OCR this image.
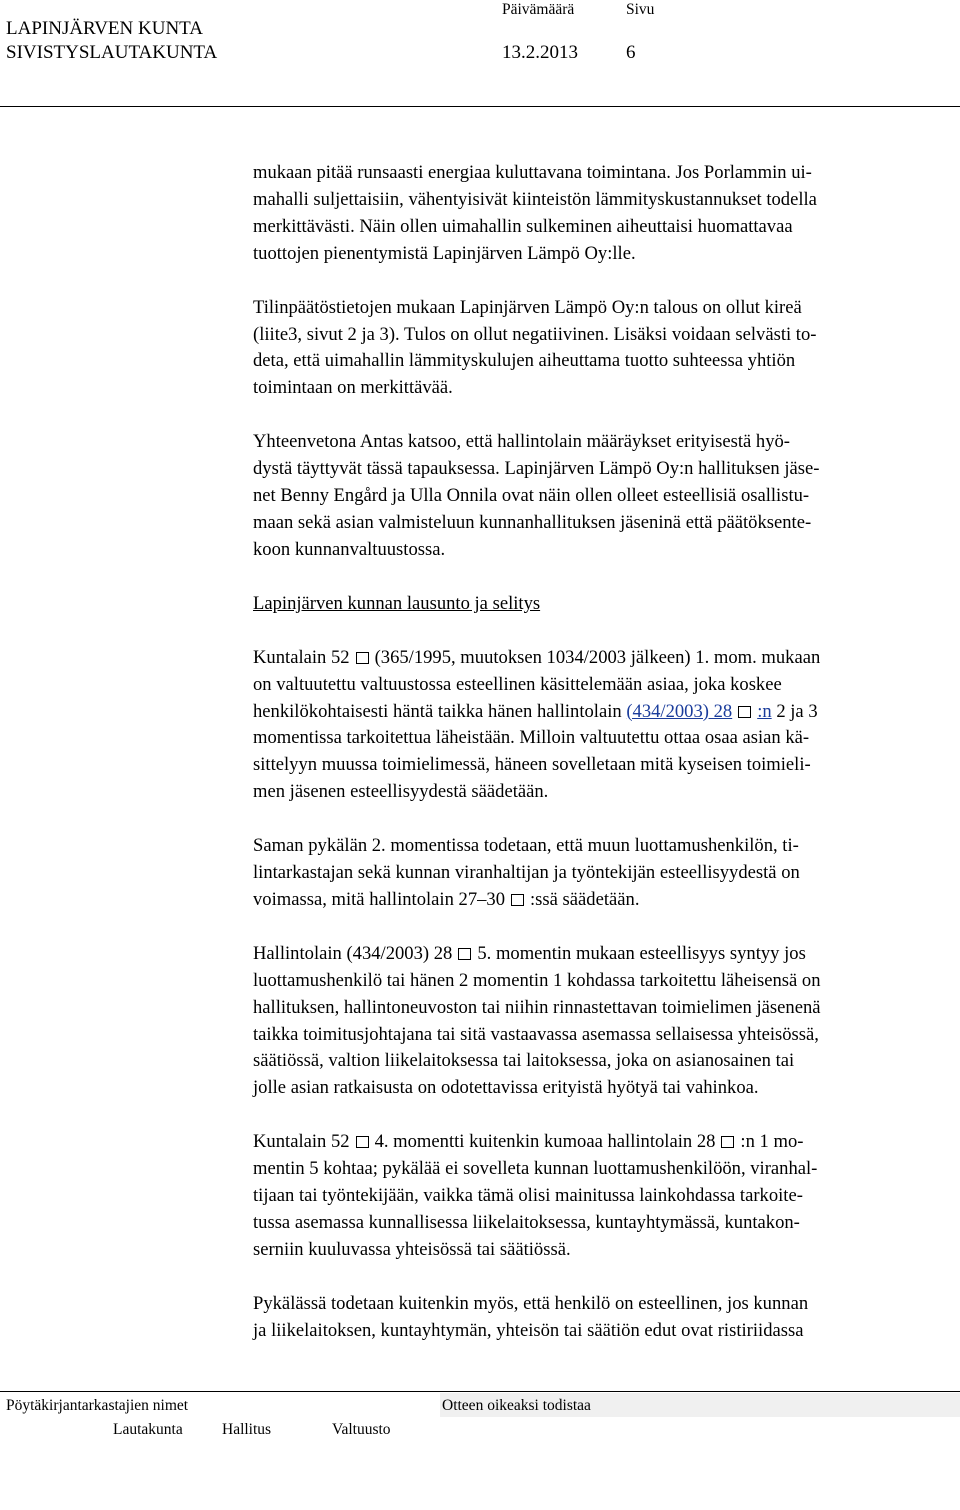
LAPINJÄRVEN KUNTA
SIVISTYSLAUTAKUNTA
Päivämäärä	Sivu
13.2.2013	6
mukaan pitää runsaasti energiaa kuluttavana toimintana. Jos Porlammin ui-
mahalli suljettaisiin, vähentyisivät kiinteistön lämmityskustannukset todella
merkittävästi. Näin ollen uimahallin sulkeminen aiheuttaisi huomattavaa
tuottojen pienentymistä Lapinjärven Lämpö Oy:lle.
Tilinpäätöstietojen mukaan Lapinjärven Lämpö Oy:n talous on ollut kireä
(liite3, sivut 2 ja 3). Tulos on ollut negatiivinen. Lisäksi voidaan selvästi to-
deta, että uimahallin lämmityskulujen aiheuttama tuotto suhteessa yhtiön
toimintaan on merkittävää.
Yhteenvetona Antas katsoo, että hallintolain määräykset erityisestä hyö-
dystä täyttyvät tässä tapauksessa. Lapinjärven Lämpö Oy:n hallituksen jäse-
net Benny Engård ja Ulla Onnila ovat näin ollen olleet esteellisiä osallistu-
maan sekä asian valmisteluun kunnanhallituksen jäseninä että päätöksente-
koon kunnanvaltuustossa.
Lapinjärven kunnan lausunto ja selitys
Kuntalain 52 (365/1995, muutoksen 1034/2003 jälkeen) 1. mom. mukaan
on valtuutettu valtuustossa esteellinen käsittelemään asiaa, joka koskee
henkilökohtaisesti häntä taikka hänen hallintolain (434/2003) 28 :n 2 ja 3
momentissa tarkoitettua läheistään. Milloin valtuutettu ottaa osaa asian kä-
sittelyyn muussa toimielimessä, häneen sovelletaan mitä kyseisen toimieli-
men jäsenen esteellisyydestä säädetään.
Saman pykälän 2. momentissa todetaan, että muun luottamushenkilön, ti-
lintarkastajan sekä kunnan viranhaltijan ja työntekijän esteellisyydestä on
voimassa, mitä hallintolain 27–30 :ssä säädetään.
Hallintolain (434/2003) 28 5. momentin mukaan esteellisyys syntyy jos
luottamushenkilö tai hänen 2 momentin 1 kohdassa tarkoitettu läheisensä on
hallituksen, hallintoneuvoston tai niihin rinnastettavan toimielimen jäsenenä
taikka toimitusjohtajana tai sitä vastaavassa asemassa sellaisessa yhteisössä,
säätiössä, valtion liikelaitoksessa tai laitoksessa, joka on asianosainen tai
jolle asian ratkaisusta on odotettavissa erityistä hyötyä tai vahinkoa.
Kuntalain 52 4. momentti kuitenkin kumoaa hallintolain 28 :n 1 mo-
mentin 5 kohtaa; pykälää ei sovelleta kunnan luottamushenkilöön, viranhal-
tijaan tai työntekijään, vaikka tämä olisi mainitussa lainkohdassa tarkoite-
tussa asemassa kunnallisessa liikelaitoksessa, kuntayhtymässä, kuntakon-
serniin kuuluvassa yhteisössä tai säätiössä.
Pykälässä todetaan kuitenkin myös, että henkilö on esteellinen, jos kunnan
ja liikelaitoksen, kuntayhtymän, yhteisön tai säätiön edut ovat ristiriidassa
Pöytäkirjantarkastajien nimet	Otteen oikeaksi todistaa
Lautakunta	Hallitus	Valtuusto
